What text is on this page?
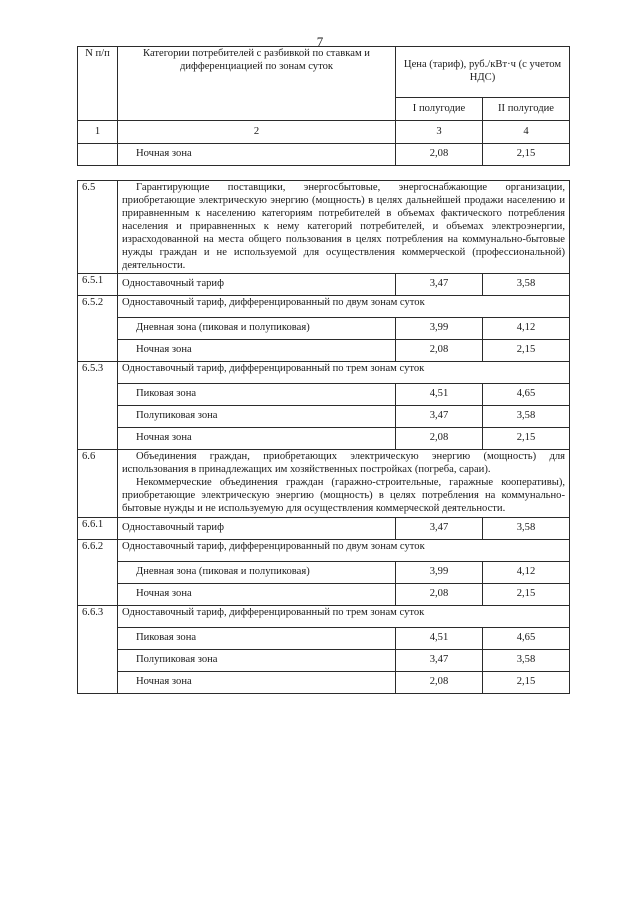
7
N п/п	Категории потребителей с разбивкой по ставкам и дифференциацией по зонам суток	Цена (тариф), руб./кВт·ч (с учетом НДС)	
		I полугодие	II полугодие
1	2	3	4
	Ночная зона	2,08	2,15

6.5	Гарантирующие поставщики, энергосбытовые, энергоснабжающие организации, приобретающие электрическую энергию (мощность) в целях дальнейшей продажи населению и приравненным к населению категориям потребителей в объемах фактического потребления населения и приравненных к нему категорий потребителей, и объемах электроэнергии, израсходованной на места общего пользования в целях потребления на коммунально-бытовые нужды граждан и не используемой для осуществления коммерческой (профессиональной) деятельности.		
6.5.1	Одноставочный тариф	3,47	3,58
6.5.2	Одноставочный тариф, дифференцированный по двум зонам суток		
	Дневная зона (пиковая и полупиковая)	3,99	4,12
	Ночная зона	2,08	2,15
6.5.3	Одноставочный тариф, дифференцированный по трем зонам суток		
	Пиковая зона	4,51	4,65
	Полупиковая зона	3,47	3,58
	Ночная зона	2,08	2,15
6.6	Объединения граждан, приобретающих электрическую энергию (мощность) для использования в принадлежащих им хозяйственных постройках (погреба, сараи).

Некоммерческие объединения граждан (гаражно-строительные, гаражные кооперативы), приобретающие электрическую энергию (мощность) в целях потребления на коммунально-бытовые нужды и не используемую для осуществления коммерческой деятельности.		

6.6.1	Одноставочный тариф	3,47	3,58
6.6.2	Одноставочный тариф, дифференцированный по двум зонам суток		
	Дневная зона (пиковая и полупиковая)	3,99	4,12
	Ночная зона	2,08	2,15
6.6.3	Одноставочный тариф, дифференцированный по трем зонам суток		
	Пиковая зона	4,51	4,65
	Полупиковая зона	3,47	3,58
	Ночная зона	2,08	2,15
